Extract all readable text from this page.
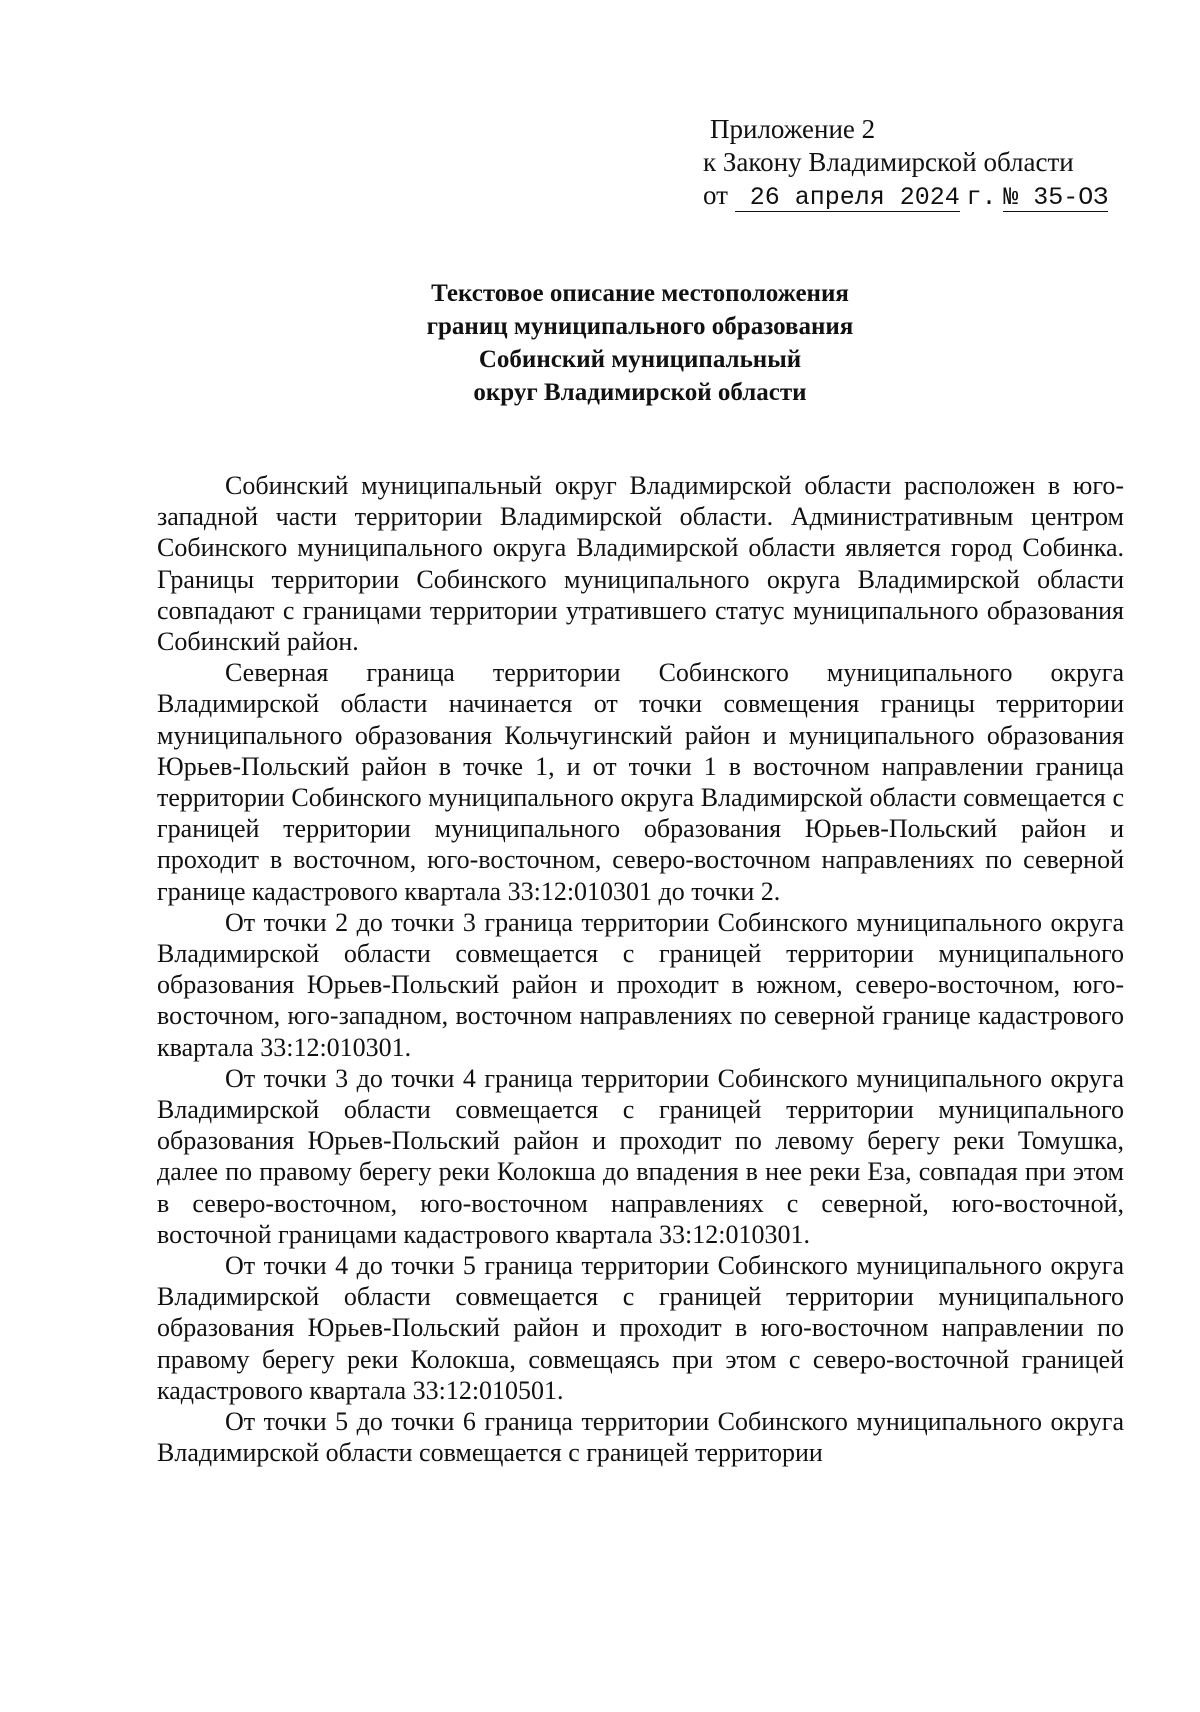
Приложение 2
к Закону Владимирской области
от 26 апреля 2024 г. № 35-ОЗ
Текстовое описание местоположения
границ муниципального образования
Собинский муниципальный
округ Владимирской области

Собинский муниципальный округ Владимирской области расположен в юго-западной части территории Владимирской области. Административным центром Собинского муниципального округа Владимирской области является город Собинка. Границы территории Собинского муниципального округа Владимирской области совпадают с границами территории утратившего статус муниципального образования Собинский район.

Северная граница территории Собинского муниципального округа Владимирской области начинается от точки совмещения границы территории муниципального образования Кольчугинский район и муниципального образования Юрьев-Польский район в точке 1, и от точки 1 в восточном направлении граница территории Собинского муниципального округа Владимирской области совмещается с границей территории муниципального образования Юрьев-Польский район и проходит в восточном, юго-восточном, северо-восточном направлениях по северной границе кадастрового квартала 33:12:010301 до точки 2.

От точки 2 до точки 3 граница территории Собинского муниципального округа Владимирской области совмещается с границей территории муниципального образования Юрьев-Польский район и проходит в южном, северо-восточном, юго-восточном, юго-западном, восточном направлениях по северной границе кадастрового квартала 33:12:010301.

От точки 3 до точки 4 граница территории Собинского муниципального округа Владимирской области совмещается с границей территории муниципального образования Юрьев-Польский район и проходит по левому берегу реки Томушка, далее по правому берегу реки Колокша до впадения в нее реки Еза, совпадая при этом в северо-восточном, юго-восточном направлениях с северной, юго-восточной, восточной границами кадастрового квартала 33:12:010301.

От точки 4 до точки 5 граница территории Собинского муниципального округа Владимирской области совмещается с границей территории муниципального образования Юрьев-Польский район и проходит в юго-восточном направлении по правому берегу реки Колокша, совмещаясь при этом с северо-восточной границей кадастрового квартала 33:12:010501.

От точки 5 до точки 6 граница территории Собинского муниципального округа Владимирской области совмещается с границей территории
